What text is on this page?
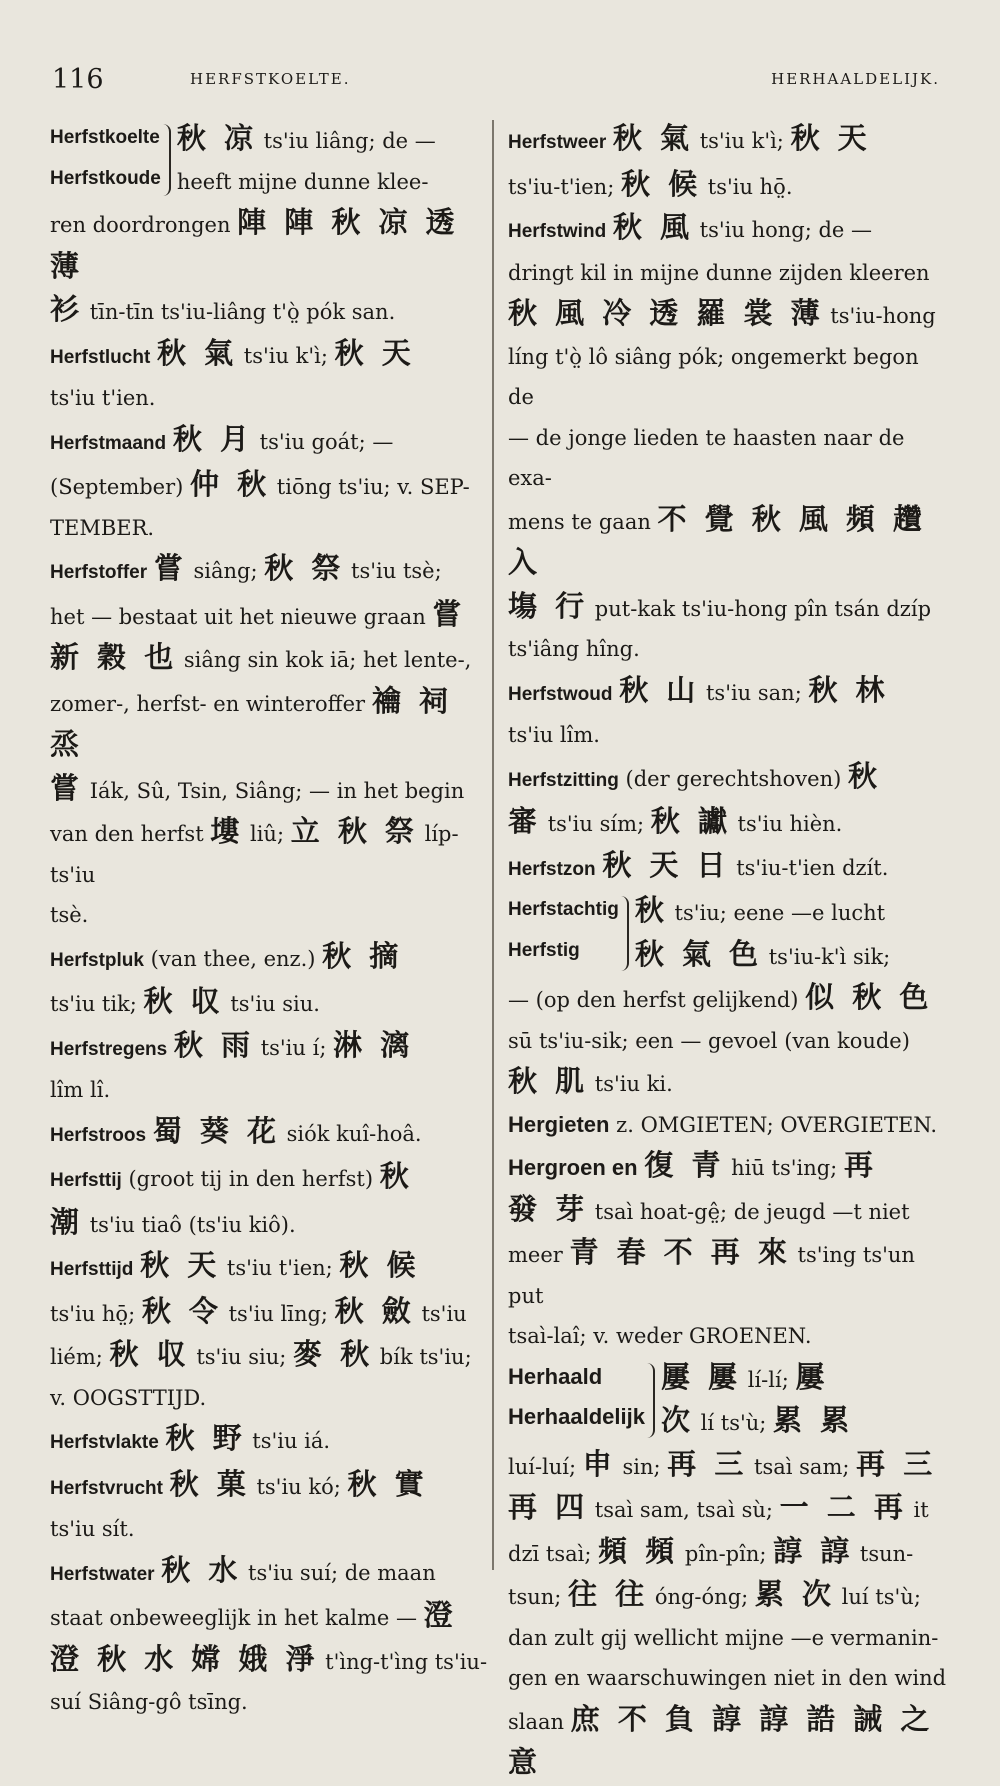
116	HERFSTKOELTE.	HERHAALDELIJK.
Herfstkoelte
Herfstkoude
秋 凉 ts'iu liâng; de —
heeft mijne dunne klee-
ren doordrongen 陣 陣 秋 凉 透 薄
衫 tīn-tīn ts'iu-liâng t'ò̤ pók san.
Herfstlucht 秋 氣 ts'iu k'ì; 秋 天
ts'iu t'ien.
Herfstmaand 秋 月 ts'iu goát; —
(September) 仲 秋 tiōng ts'iu; v. SEP-
TEMBER.
Herfstoffer 嘗 siâng; 秋 祭 ts'iu tsè;
het — bestaat uit het nieuwe graan 嘗
新 穀 也 siâng sin kok iā; het lente-,
zomer-, herfst- en winteroffer 禴 祠 烝
嘗 Iák, Sû, Tsin, Siâng; — in het begin
van den herfst 塿 liû; 立 秋 祭 líp-ts'iu
tsè.
Herfstpluk (van thee, enz.) 秋 摘
ts'iu tik; 秋 収 ts'iu siu.
Herfstregens 秋 雨 ts'iu í; 淋 漓
lîm lî.
Herfstroos 蜀 葵 花 siók kuî-hoâ.
Herfsttij (groot tij in den herfst) 秋
潮 ts'iu tiaô (ts'iu kiô).
Herfsttijd 秋 天 ts'iu t'ien; 秋 候
ts'iu hō̤; 秋 令 ts'iu līng; 秋 斂 ts'iu
liém; 秋 収 ts'iu siu; 麥 秋 bík ts'iu;
v. OOGSTTIJD.
Herfstvlakte 秋 野 ts'iu iá.
Herfstvrucht 秋 菓 ts'iu kó; 秋 實
ts'iu sít.
Herfstwater 秋 水 ts'iu suí; de maan
staat onbeweeglijk in het kalme — 澄
澄 秋 水 嫦 娥 淨 t'ìng-t'ìng ts'iu-
suí Siâng-gô tsīng.
Herfstweer 秋 氣 ts'iu k'ì; 秋 天
ts'iu-t'ien; 秋 候 ts'iu hō̤.
Herfstwind 秋 風 ts'iu hong; de —
dringt kil in mijne dunne zijden kleeren
秋 風 冷 透 羅 裳 薄 ts'iu-hong
líng t'ò̤ lô siâng pók; ongemerkt begon de
— de jonge lieden te haasten naar de exa-
mens te gaan 不 覺 秋 風 頻 趲 入
塲 行 put-kak ts'iu-hong pîn tsán dzíp
ts'iâng hîng.
Herfstwoud 秋 山 ts'iu san; 秋 林
ts'iu lîm.
Herfstzitting (der gerechtshoven) 秋
審 ts'iu sím; 秋 讞 ts'iu hièn.
Herfstzon 秋 天 日 ts'iu-t'ien dzít.
Herfstachtig
Herfstig
秋 ts'iu; eene —e lucht
秋 氣 色 ts'iu-k'ì sik;
— (op den herfst gelijkend) 似 秋 色
sū ts'iu-sik; een — gevoel (van koude)
秋 肌 ts'iu ki.
Hergieten z. OMGIETEN; OVERGIETEN.
Hergroen en 復 青 hiū ts'ing; 再
發 芽 tsaì hoat-gê̤; de jeugd —t niet
meer 青 春 不 再 來 ts'ing ts'un put
tsaì-laî; v. weder GROENEN.
Herhaald
Herhaaldelijk
屢 屢 lí-lí; 屢
次 lí ts'ù; 累 累
luí-luí; 申 sin; 再 三 tsaì sam; 再 三
再 四 tsaì sam, tsaì sù; 一 二 再 it
dzī tsaì; 頻 頻 pîn-pîn; 諄 諄 tsun-
tsun; 往 往 óng-óng; 累 次 luí ts'ù;
dan zult gij wellicht mijne —e vermanin-
gen en waarschuwingen niet in den wind
slaan 庶 不 負 諄 諄 誥 誡 之 意
